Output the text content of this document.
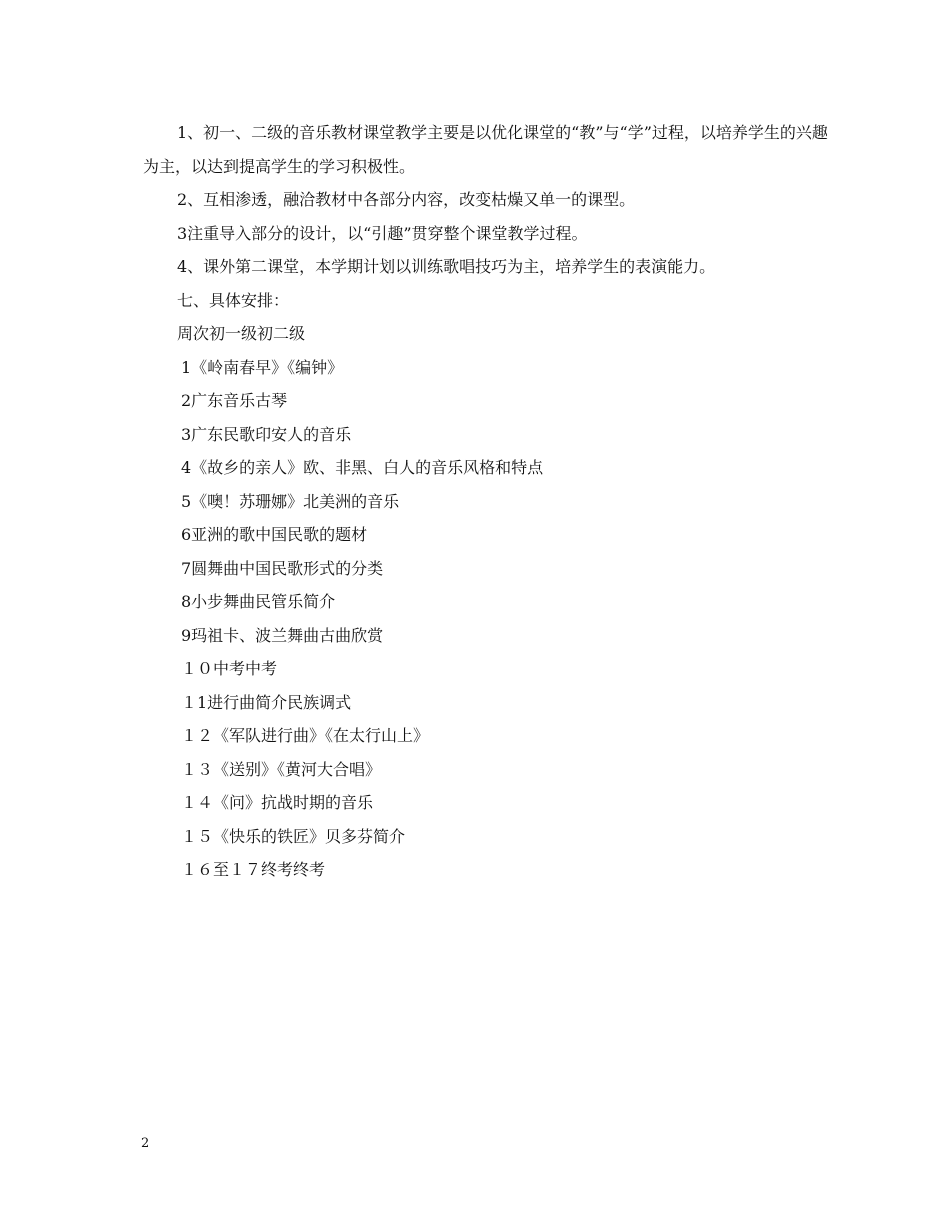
1、初一、二级的音乐教材课堂教学主要是以优化课堂的“教”与“学”过程，以培养学生的兴趣为主，以达到提高学生的学习积极性。

2、互相渗透，融洽教材中各部分内容，改变枯燥又单一的课型。

3注重导入部分的设计，以“引趣”贯穿整个课堂教学过程。

4、课外第二课堂，本学期计划以训练歌唱技巧为主，培养学生的表演能力。

七、具体安排：

周次初一级初二级

1《岭南春早》《编钟》

2广东音乐古琴

3广东民歌印安人的音乐

4《故乡的亲人》欧、非黑、白人的音乐风格和特点

5《噢！苏珊娜》北美洲的音乐

6亚洲的歌中国民歌的题材

7圆舞曲中国民歌形式的分类

8小步舞曲民管乐简介

9玛祖卡、波兰舞曲古曲欣赏

１０中考中考

１1进行曲简介民族调式

１２《军队进行曲》《在太行山上》

１３《送别》《黄河大合唱》

１４《问》抗战时期的音乐

１５《快乐的铁匠》贝多芬简介

１６至１７终考终考

2
